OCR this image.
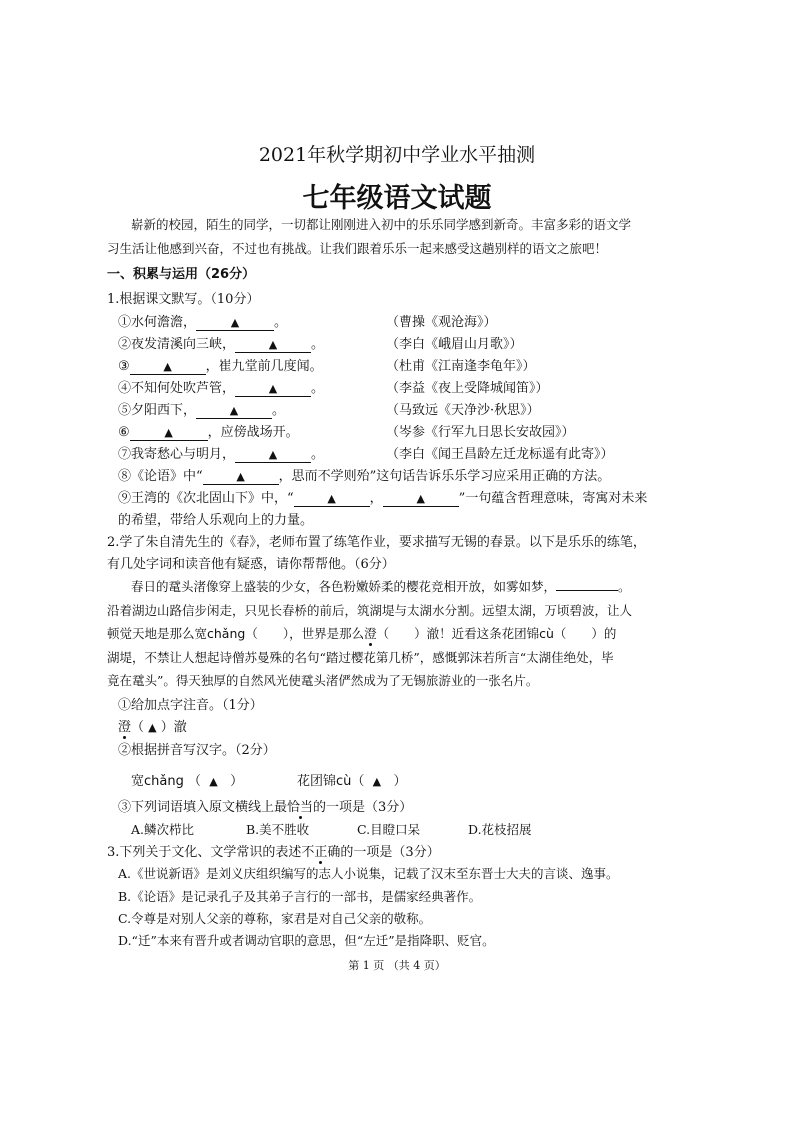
2021年秋学期初中学业水平抽测
七年级语文试题
崭新的校园，陌生的同学，一切都让刚刚进入初中的乐乐同学感到新奇。丰富多彩的语文学
习生活让他感到兴奋，不过也有挑战。让我们跟着乐乐一起来感受这趟别样的语文之旅吧！
一、积累与运用（26分）
1.根据课文默写。（10分）
①水何澹澹，	▲	。	（曹操《观沧海》）
②夜发清溪向三峡，	▲	。	（李白《峨眉山月歌》）
③	▲	，崔九堂前几度闻。	（杜甫《江南逢李龟年》）
④不知何处吹芦管，	▲	。	（李益《夜上受降城闻笛》）
⑤夕阳西下，	▲	。	（马致远《天净沙·秋思》）
⑥	▲	，应傍战场开。	（岑参《行军九日思长安故园》）
⑦我寄愁心与明月，	▲	。	（李白《闻王昌龄左迁龙标遥有此寄》）
⑧《论语》中“	▲	，思而不学则殆”这句话告诉乐乐学习应采用正确的方法。
⑨王湾的《次北固山下》中，“	▲	，	▲	”一句蕴含哲理意味，寄寓对未来
的希望，带给人乐观向上的力量。
2.学了朱自清先生的《春》，老师布置了练笔作业，要求描写无锡的春景。以下是乐乐的练笔，
有几处字词和读音他有疑惑，请你帮帮他。（6分）
春日的鼋头渚像穿上盛装的少女，各色粉嫩娇柔的樱花竞相开放，如雾如梦，	。
沿着湖边山路信步闲走，只见长春桥的前后，筑湖堤与太湖水分割。远望太湖，万顷碧波，让人
顿觉天地是那么宽chǎng（　　），世界是那么澄（　　）澈！近看这条花团锦cù（　　）的
湖堤，不禁让人想起诗僧苏曼殊的名句“踏过樱花第几桥”，感慨郭沫若所言“太湖佳绝处，毕
竟在鼋头”。得天独厚的自然风光使鼋头渚俨然成为了无锡旅游业的一张名片。
①给加点字注音。（1分）
澄（ ▲ ）澈
②根据拼音写汉字。（2分）
宽chǎng （  ▲   ）	花团锦cù（  ▲   ）
③下列词语填入原文横线上最恰当的一项是（3分）
A.鳞次栉比	B.美不胜收	C.目瞪口呆	D.花枝招展
3.下列关于文化、文学常识的表述不正确的一项是（3分）
A.《世说新语》是刘义庆组织编写的志人小说集，记载了汉末至东晋士大夫的言谈、逸事。
B.《论语》是记录孔子及其弟子言行的一部书，是儒家经典著作。
C.令尊是对别人父亲的尊称，家君是对自己父亲的敬称。
D.“迁”本来有晋升或者调动官职的意思，但“左迁”是指降职、贬官。
第 1 页 （共 4 页）
